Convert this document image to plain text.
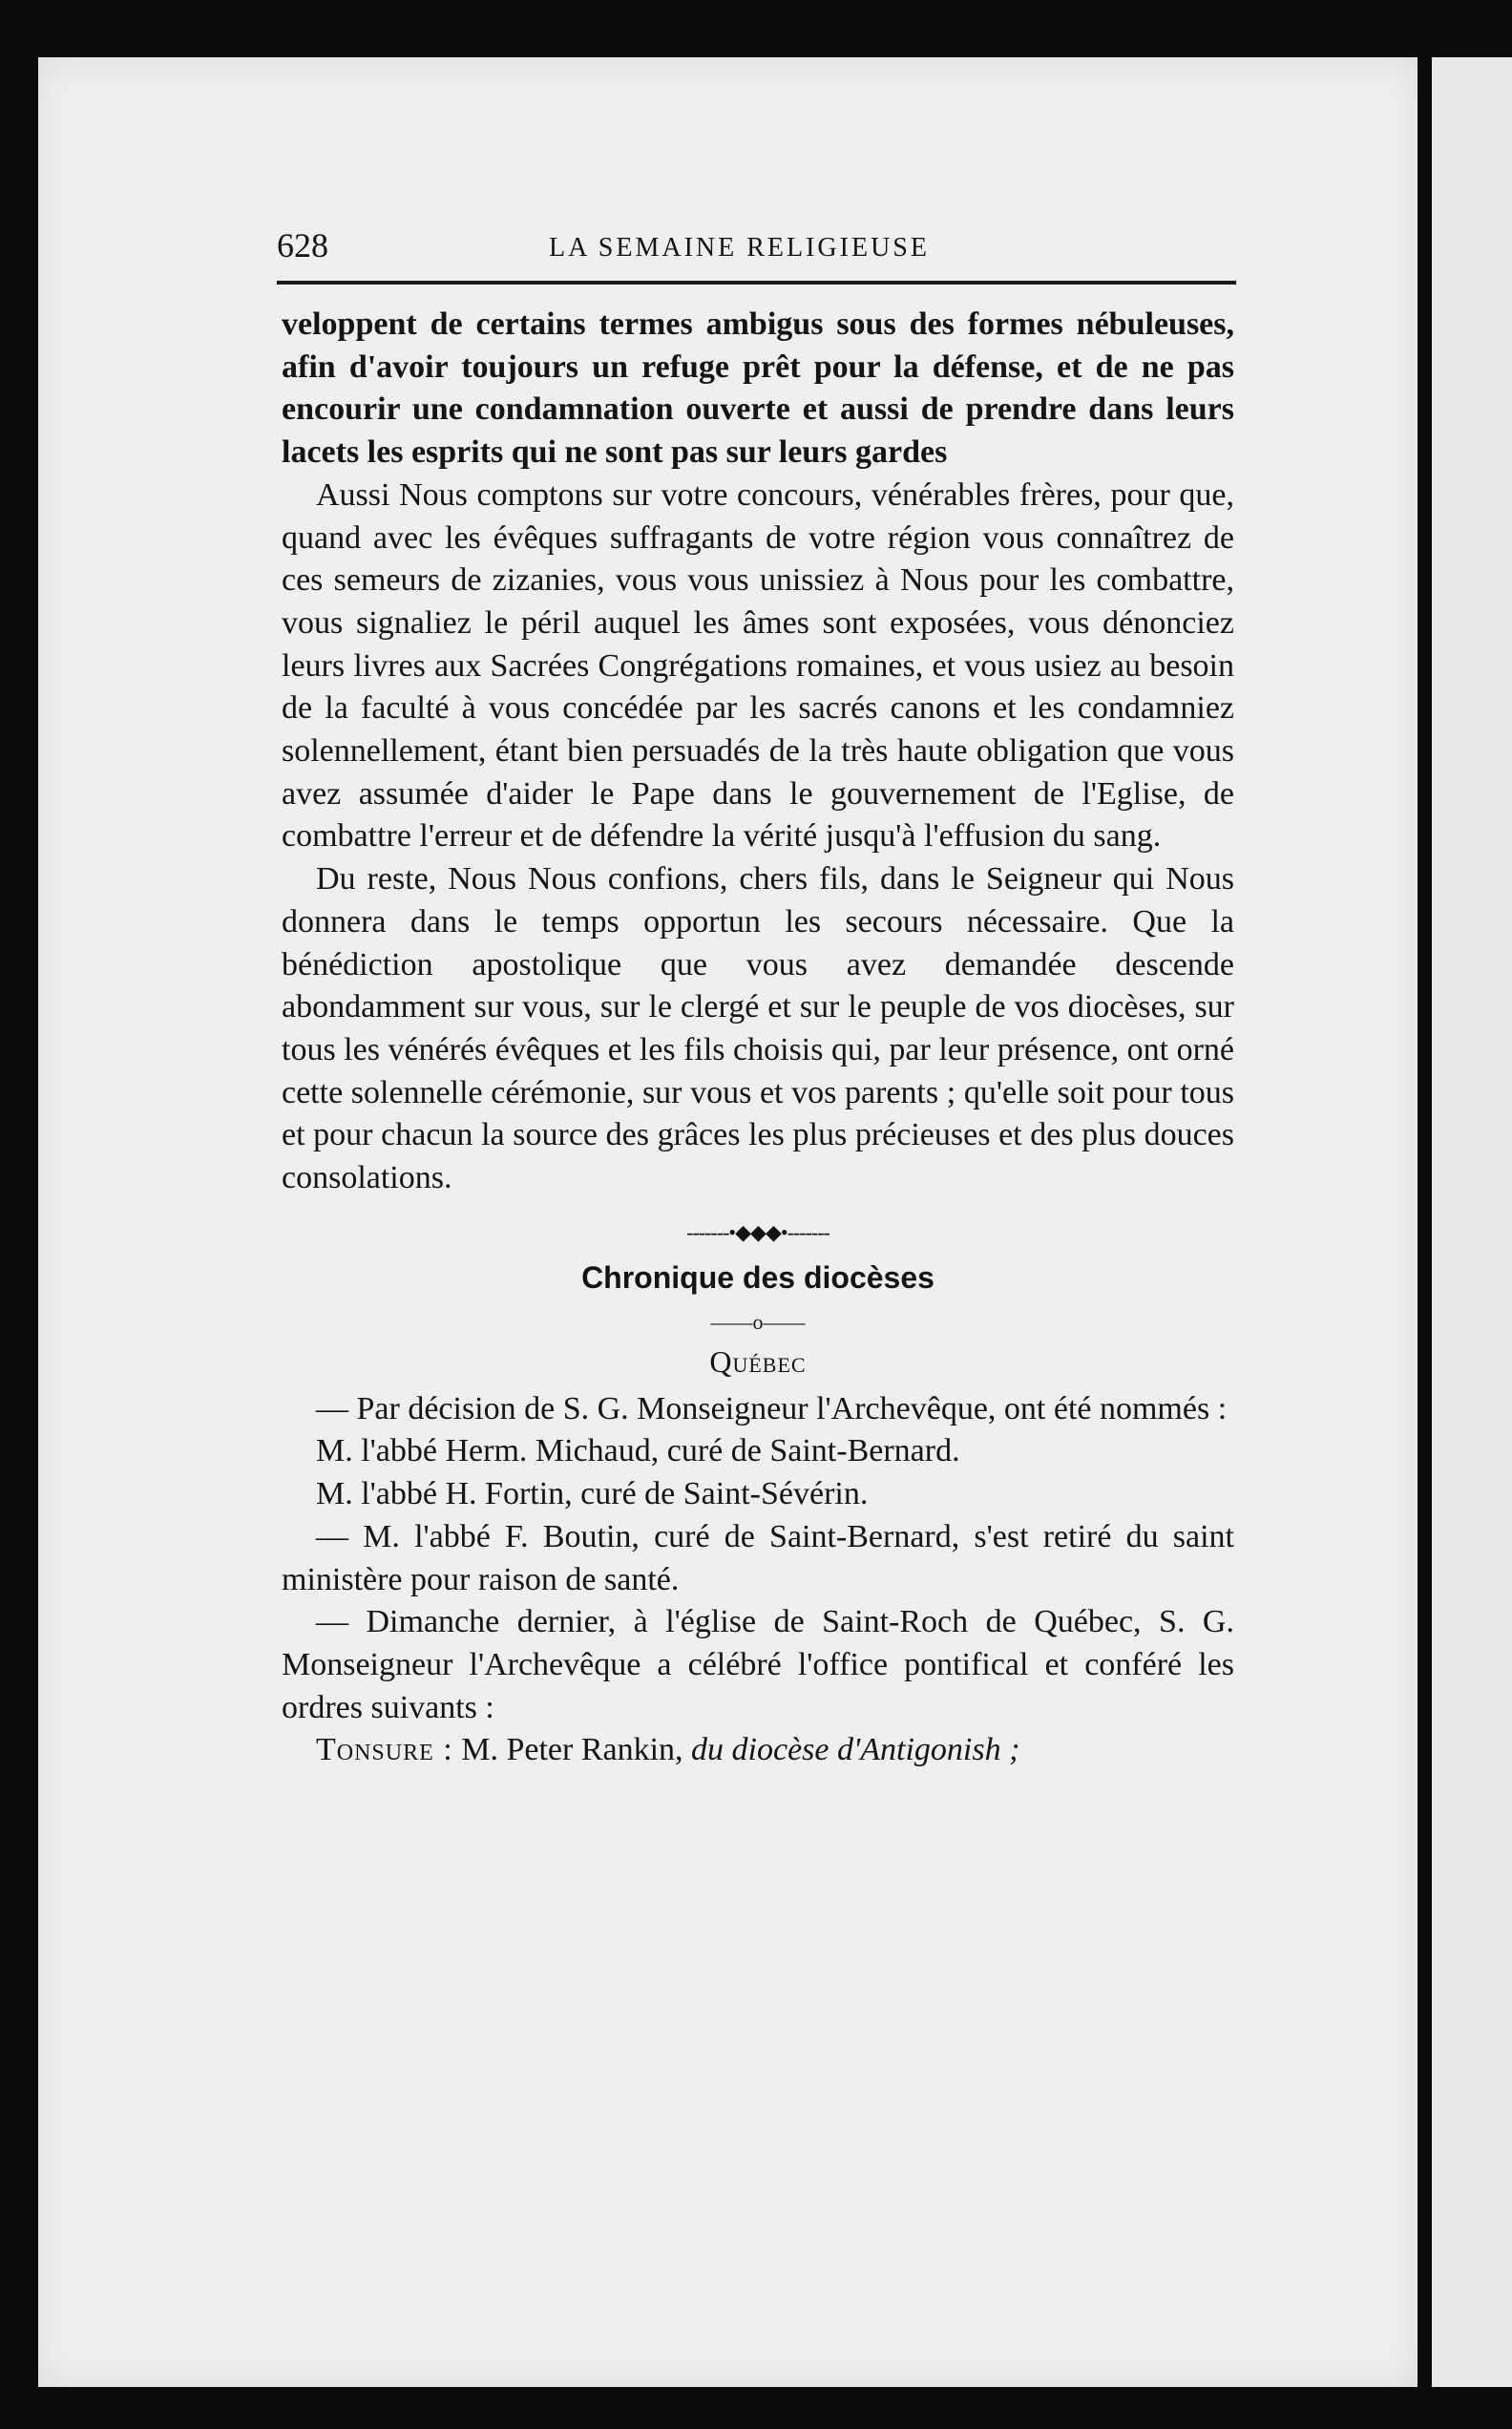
628	LA SEMAINE RELIGIEUSE

veloppent de certains termes ambigus sous des formes nébuleuses, afin d'avoir toujours un refuge prêt pour la défense, et de ne pas encourir une condamnation ouverte et aussi de prendre dans leurs lacets les esprits qui ne sont pas sur leurs gardes

Aussi Nous comptons sur votre concours, vénérables frères, pour que, quand avec les évêques suffragants de votre région vous connaîtrez de ces semeurs de zizanies, vous vous unissiez à Nous pour les combattre, vous signaliez le péril auquel les âmes sont exposées, vous dénonciez leurs livres aux Sacrées Congrégations romaines, et vous usiez au besoin de la faculté à vous concédée par les sacrés canons et les condamniez solennellement, étant bien persuadés de la très haute obligation que vous avez assumée d'aider le Pape dans le gouvernement de l'Eglise, de combattre l'erreur et de défendre la vérité jusqu'à l'effusion du sang.

Du reste, Nous Nous confions, chers fils, dans le Seigneur qui Nous donnera dans le temps opportun les secours nécessaire. Que la bénédiction apostolique que vous avez demandée descende abondamment sur vous, sur le clergé et sur le peuple de vos diocèses, sur tous les vénérés évêques et les fils choisis qui, par leur présence, ont orné cette solennelle cérémonie, sur vous et vos parents ; qu'elle soit pour tous et pour chacun la source des grâces les plus précieuses et des plus douces consolations.

-------•◆◆◆•-------
Chronique des diocèses
——o——
Québec

— Par décision de S. G. Monseigneur l'Archevêque, ont été nommés :

M. l'abbé Herm. Michaud, curé de Saint-Bernard.

M. l'abbé H. Fortin, curé de Saint-Sévérin.

— M. l'abbé F. Boutin, curé de Saint-Bernard, s'est retiré du saint ministère pour raison de santé.

— Dimanche dernier, à l'église de Saint-Roch de Québec, S. G. Monseigneur l'Archevêque a célébré l'office pontifical et conféré les ordres suivants :

Tonsure : M. Peter Rankin, du diocèse d'Antigonish ;
